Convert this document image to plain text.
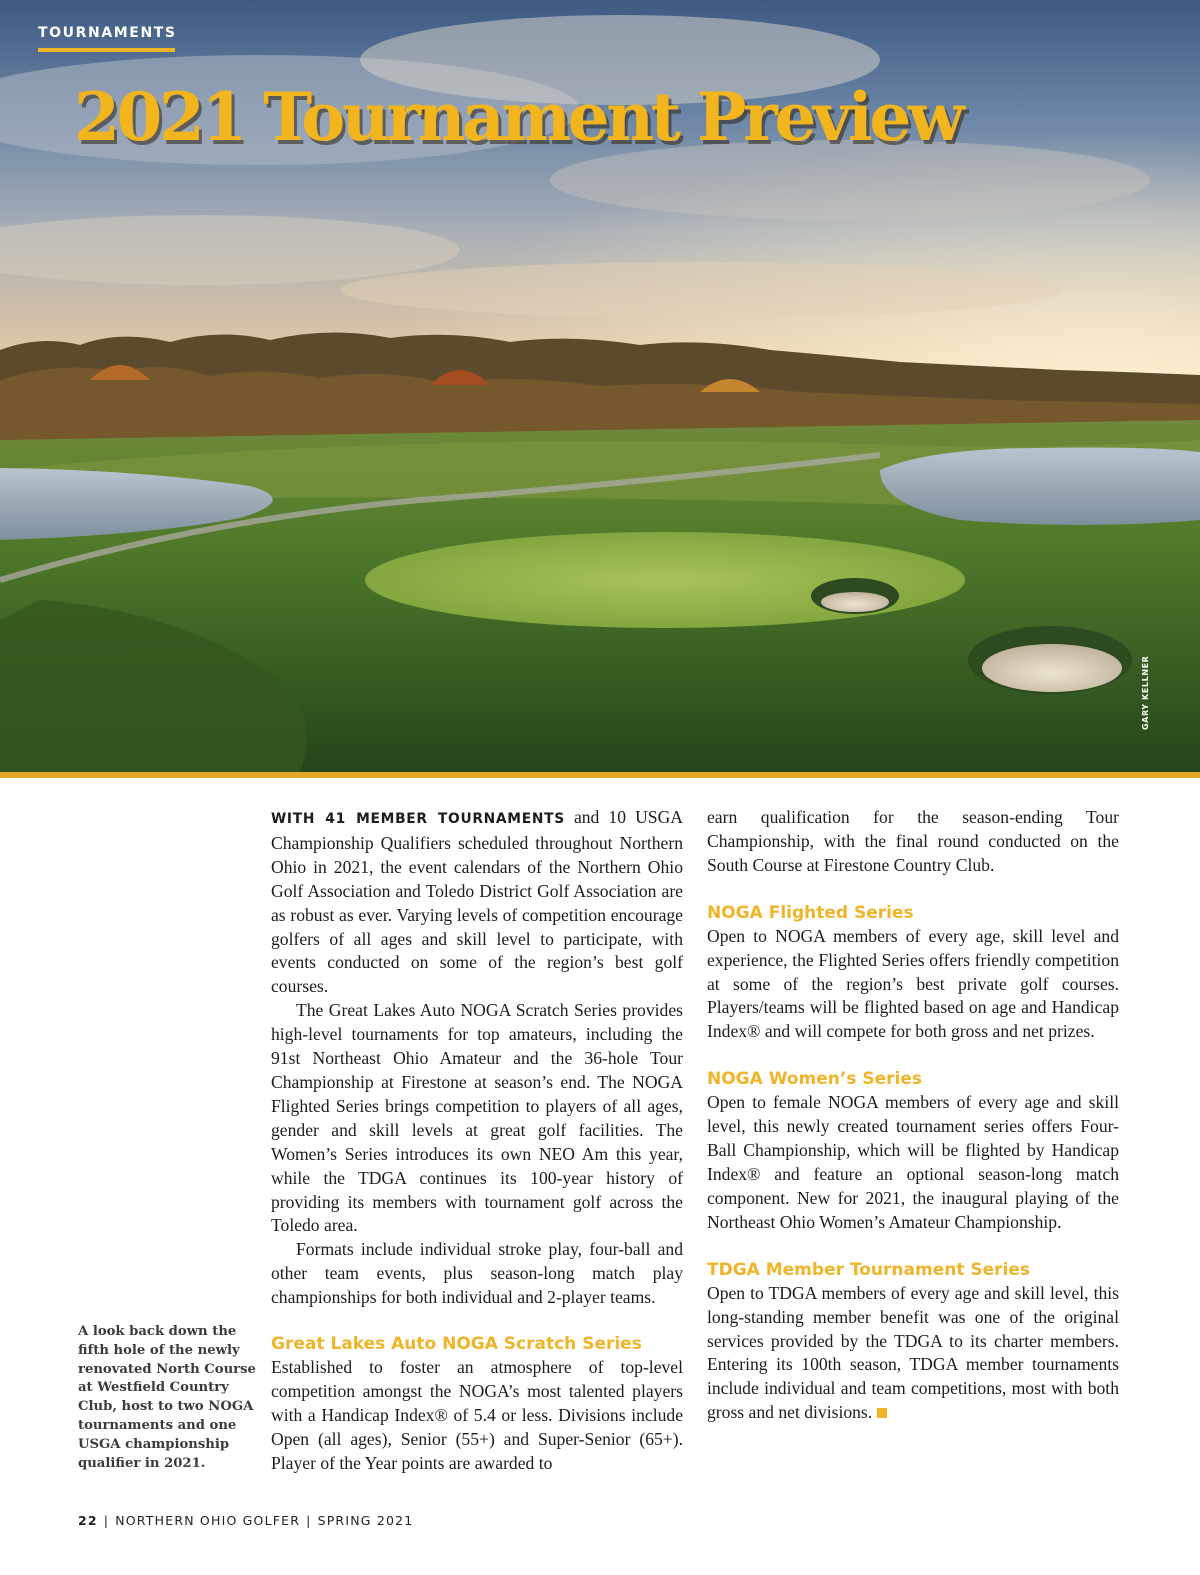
TOURNAMENTS
2021 Tournament Preview
GARY KELLNER

WITH 41 MEMBER TOURNAMENTS and 10 USGA Championship Qualifiers scheduled throughout Northern Ohio in 2021, the event calendars of the Northern Ohio Golf Association and Toledo District Golf Association are as robust as ever. Varying levels of competition encourage golfers of all ages and skill level to participate, with events conducted on some of the region’s best golf courses.

The Great Lakes Auto NOGA Scratch Series provides high-level tournaments for top amateurs, including the 91st Northeast Ohio Amateur and the 36-hole Tour Championship at Firestone at season’s end. The NOGA Flighted Series brings competition to players of all ages, gender and skill levels at great golf facilities. The Women’s Series introduces its own NEO Am this year, while the TDGA continues its 100-year history of providing its members with tournament golf across the Toledo area.

Formats include individual stroke play, four-ball and other team events, plus season-long match play championships for both individual and 2-player teams.

Great Lakes Auto NOGA Scratch Series

Established to foster an atmosphere of top-level competition amongst the NOGA’s most talented players with a Handicap Index® of 5.4 or less. Divisions include Open (all ages), Senior (55+) and Super-Senior (65+). Player of the Year points are awarded to

earn qualification for the season-ending Tour Championship, with the final round conducted on the South Course at Firestone Country Club.

NOGA Flighted Series

Open to NOGA members of every age, skill level and experience, the Flighted Series offers friendly competition at some of the region’s best private golf courses. Players/teams will be flighted based on age and Handicap Index® and will compete for both gross and net prizes.

NOGA Women’s Series

Open to female NOGA members of every age and skill level, this newly created tournament series offers Four-Ball Championship, which will be flighted by Handicap Index® and feature an optional season-long match component. New for 2021, the inaugural playing of the Northeast Ohio Women’s Amateur Championship.

TDGA Member Tournament Series

Open to TDGA members of every age and skill level, this long-standing member benefit was one of the original services provided by the TDGA to its charter members. Entering its 100th season, TDGA member tournaments include individual and team competitions, most with both gross and net divisions.

A look back down the fifth hole of the newly renovated North Course at Westfield Country Club, host to two NOGA tournaments and one USGA championship qualifier in 2021.
22 | NORTHERN OHIO GOLFER | SPRING 2021
